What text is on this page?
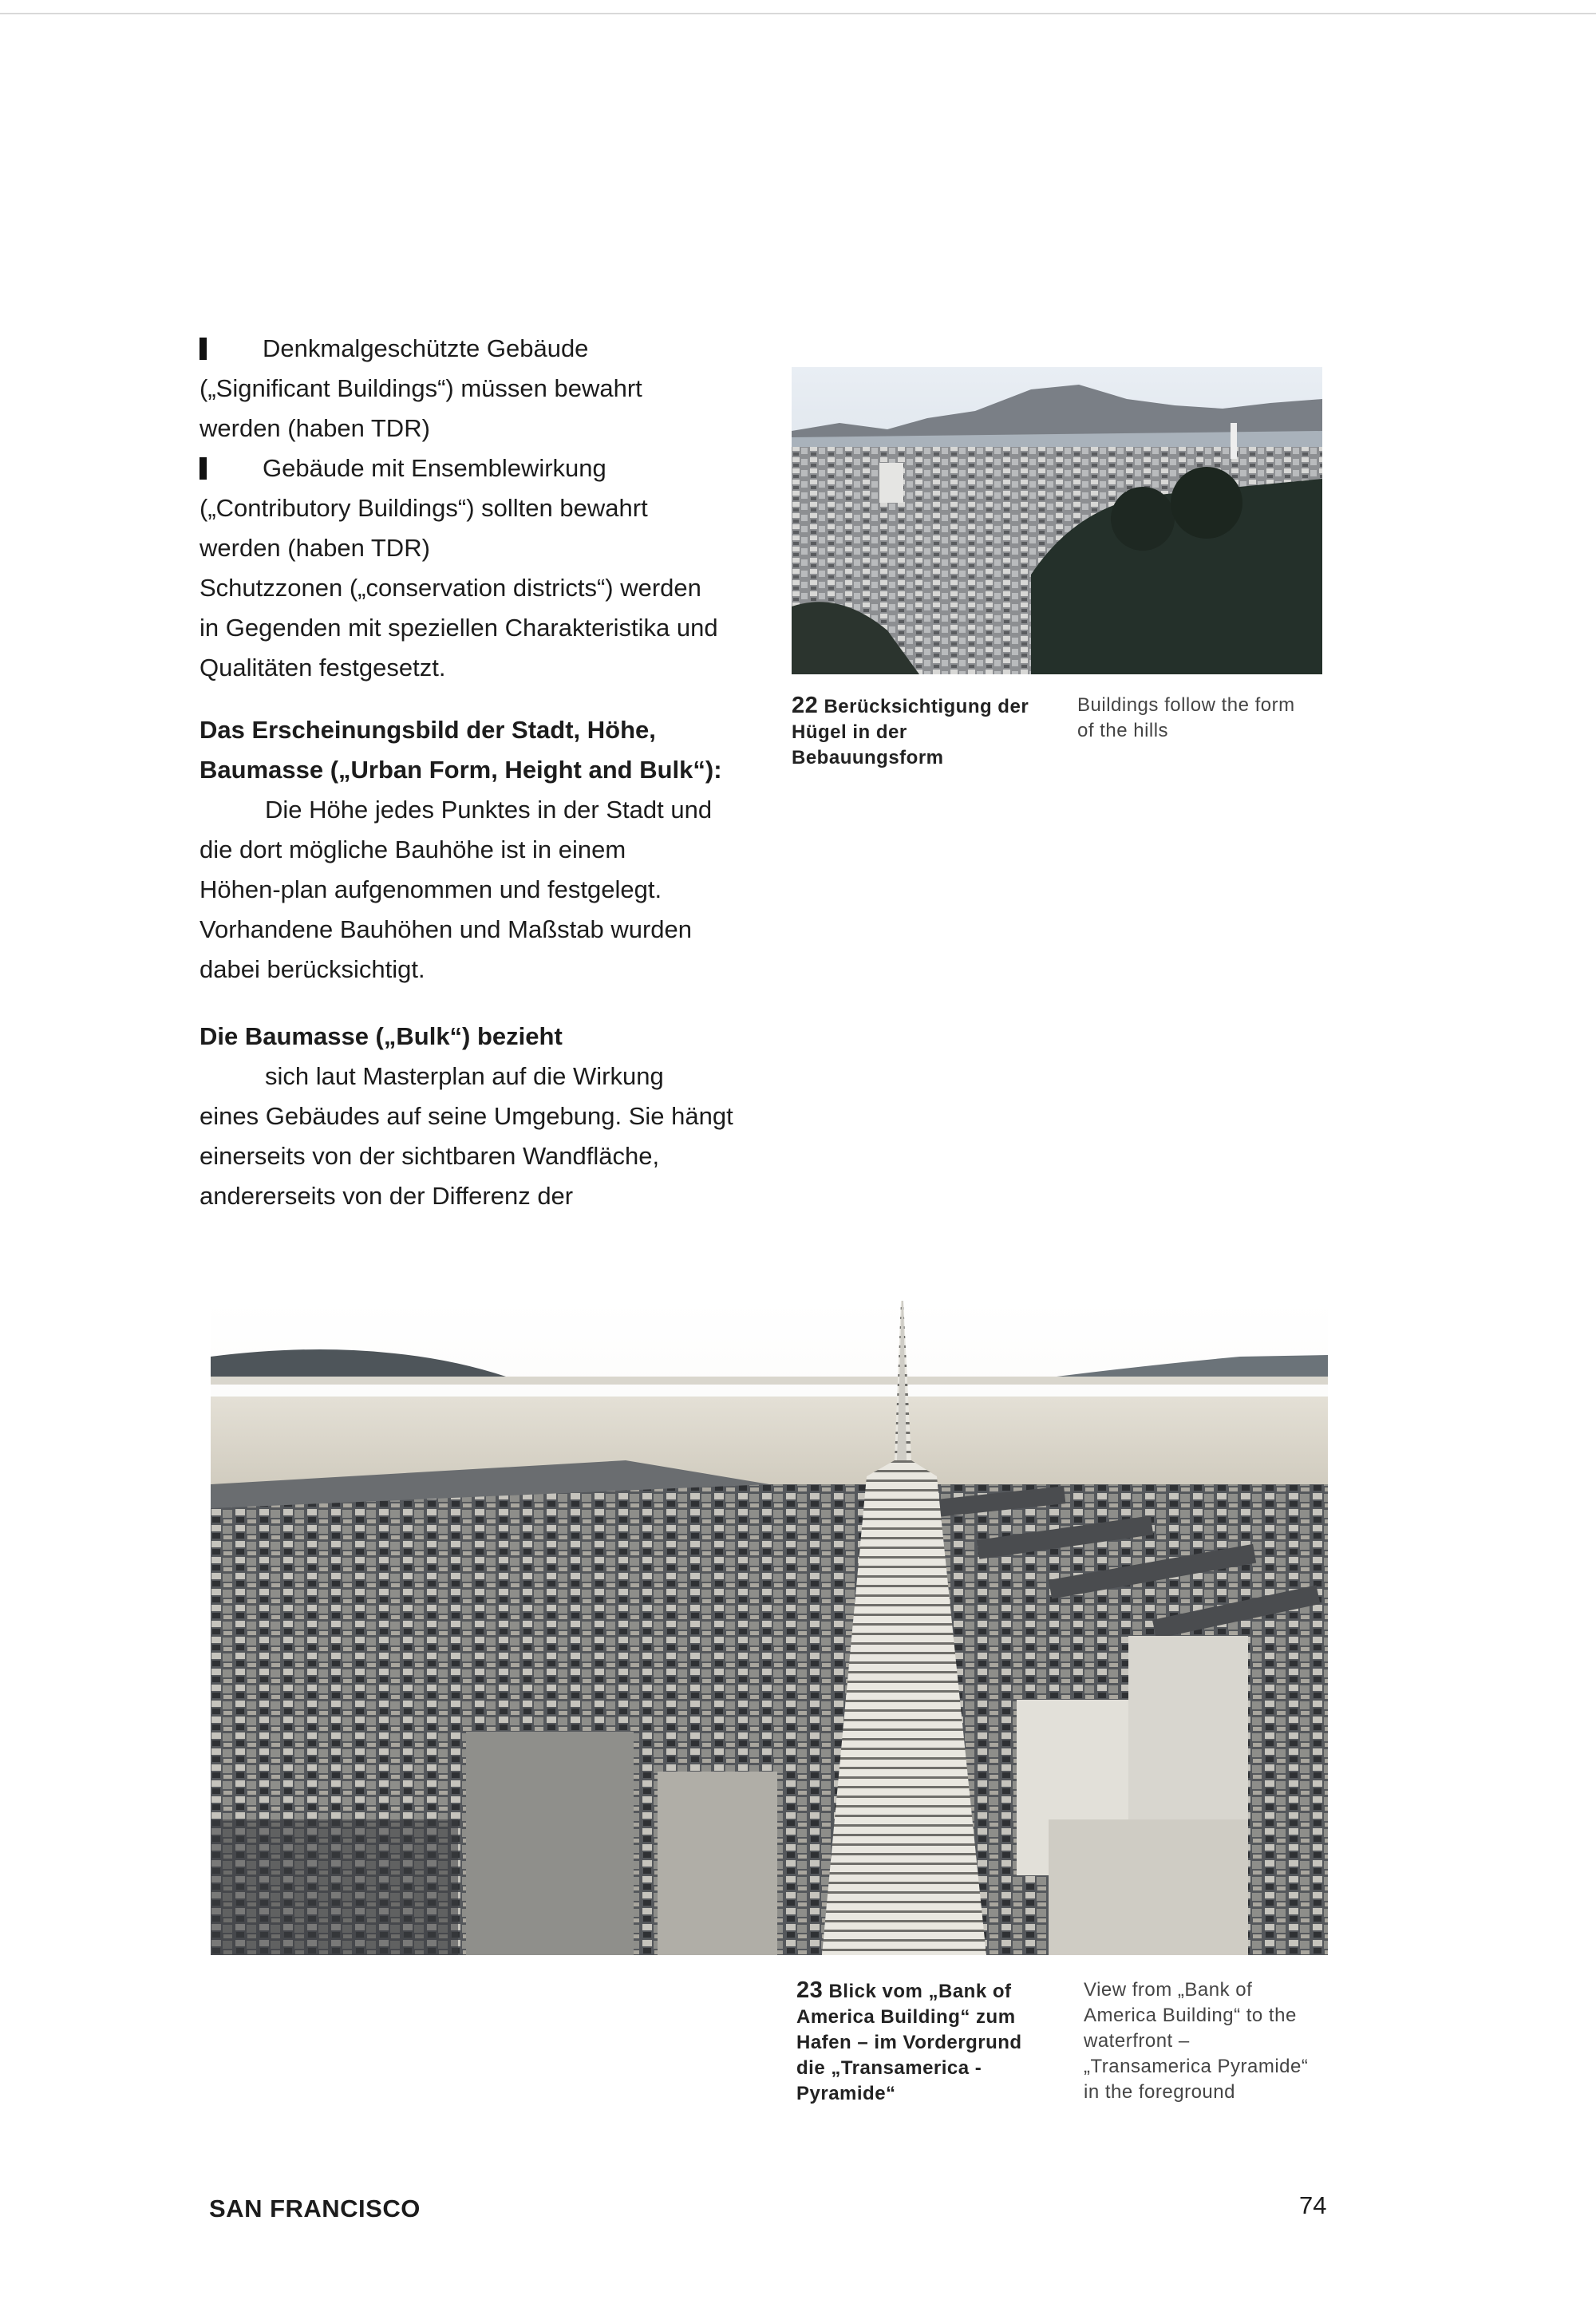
Denkmalgeschützte Gebäude

(„Significant Buildings“) müssen bewahrt

werden (haben TDR)

Gebäude mit Ensemblewirkung

(„Contributory Buildings“) sollten bewahrt

werden (haben TDR)

Schutzzonen („conservation districts“) werden

in Gegenden mit speziellen Charakteristika und

Qualitäten festgesetzt.

Das Erscheinungsbild der Stadt, Höhe,

Baumasse („Urban Form, Height and Bulk“):

Die Höhe jedes Punktes in der Stadt und

die dort mögliche Bauhöhe ist in einem

Höhen-plan aufgenommen und festgelegt.

Vorhandene Bauhöhen und Maßstab wurden

dabei berücksichtigt.

Die Baumasse („Bulk“) bezieht

sich laut Masterplan auf die Wirkung

eines Gebäudes auf seine Umgebung. Sie hängt

einerseits von der sichtbaren Wandfläche,

andererseits von der Differenz der

22 Berücksichtigung der
Hügel in der
Bebauungsform
Buildings follow the form
of the hills
23 Blick vom „Bank of
America Building“ zum
Hafen – im Vordergrund
die „Transamerica -
Pyramide“
View from „Bank of
America Building“ to the
waterfront –
„Transamerica Pyramide“
in the foreground
SAN FRANCISCO	74
